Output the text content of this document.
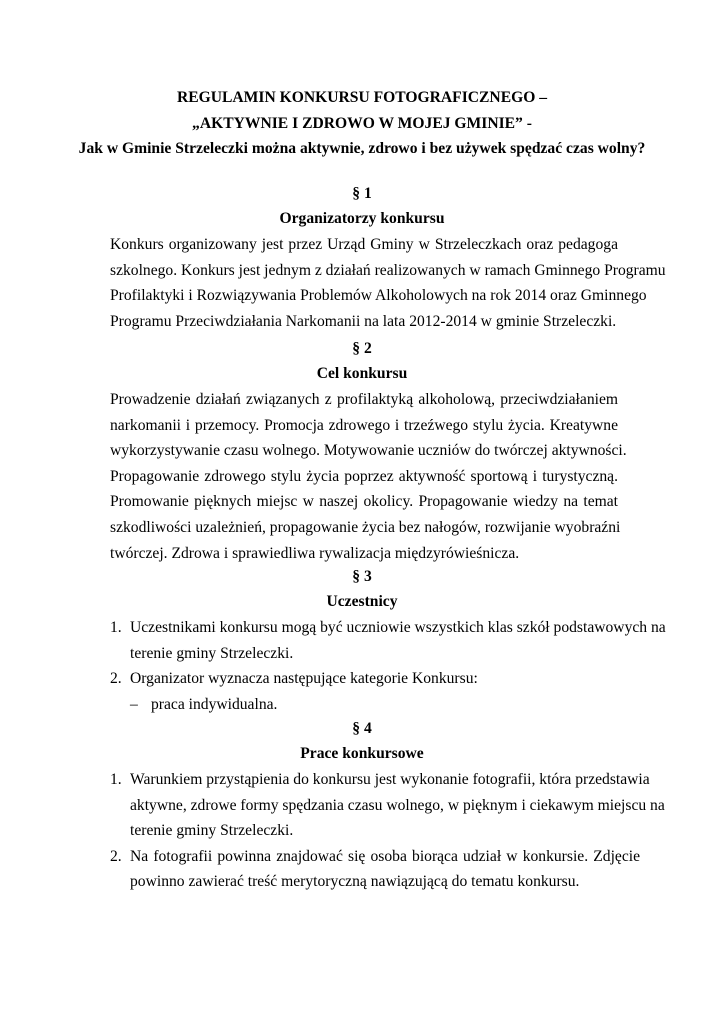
REGULAMIN KONKURSU FOTOGRAFICZNEGO –
„AKTYWNIE I ZDROWO W MOJEJ GMINIE” -
Jak w Gminie Strzeleczki można aktywnie, zdrowo i bez używek spędzać czas wolny?
§ 1
Organizatorzy konkursu
Konkurs organizowany jest przez Urząd Gminy w Strzeleczkach oraz pedagoga
szkolnego. Konkurs jest jednym z działań realizowanych w ramach Gminnego Programu
Profilaktyki i Rozwiązywania Problemów Alkoholowych na rok 2014 oraz Gminnego
Programu Przeciwdziałania Narkomanii na lata 2012-2014 w gminie Strzeleczki.
§ 2
Cel konkursu
Prowadzenie działań związanych z profilaktyką alkoholową, przeciwdziałaniem
narkomanii i przemocy. Promocja zdrowego i trzeźwego stylu życia. Kreatywne
wykorzystywanie czasu wolnego. Motywowanie uczniów do twórczej aktywności.
Propagowanie zdrowego stylu życia poprzez aktywność sportową i turystyczną.
Promowanie pięknych miejsc w naszej okolicy. Propagowanie wiedzy na temat
szkodliwości uzależnień, propagowanie życia bez nałogów, rozwijanie wyobraźni
twórczej. Zdrowa i sprawiedliwa rywalizacja międzyrówieśnicza.
§ 3
Uczestnicy
1. Uczestnikami konkursu mogą być uczniowie wszystkich klas szkół podstawowych na
terenie gminy Strzeleczki.
2. Organizator wyznacza następujące kategorie Konkursu:
– praca indywidualna.
§ 4
Prace konkursowe
1. Warunkiem przystąpienia do konkursu jest wykonanie fotografii, która przedstawia
aktywne, zdrowe formy spędzania czasu wolnego, w pięknym i ciekawym miejscu na
terenie gminy Strzeleczki.
2. Na fotografii powinna znajdować się osoba biorąca udział w konkursie. Zdjęcie
powinno zawierać treść merytoryczną nawiązującą do tematu konkursu.
